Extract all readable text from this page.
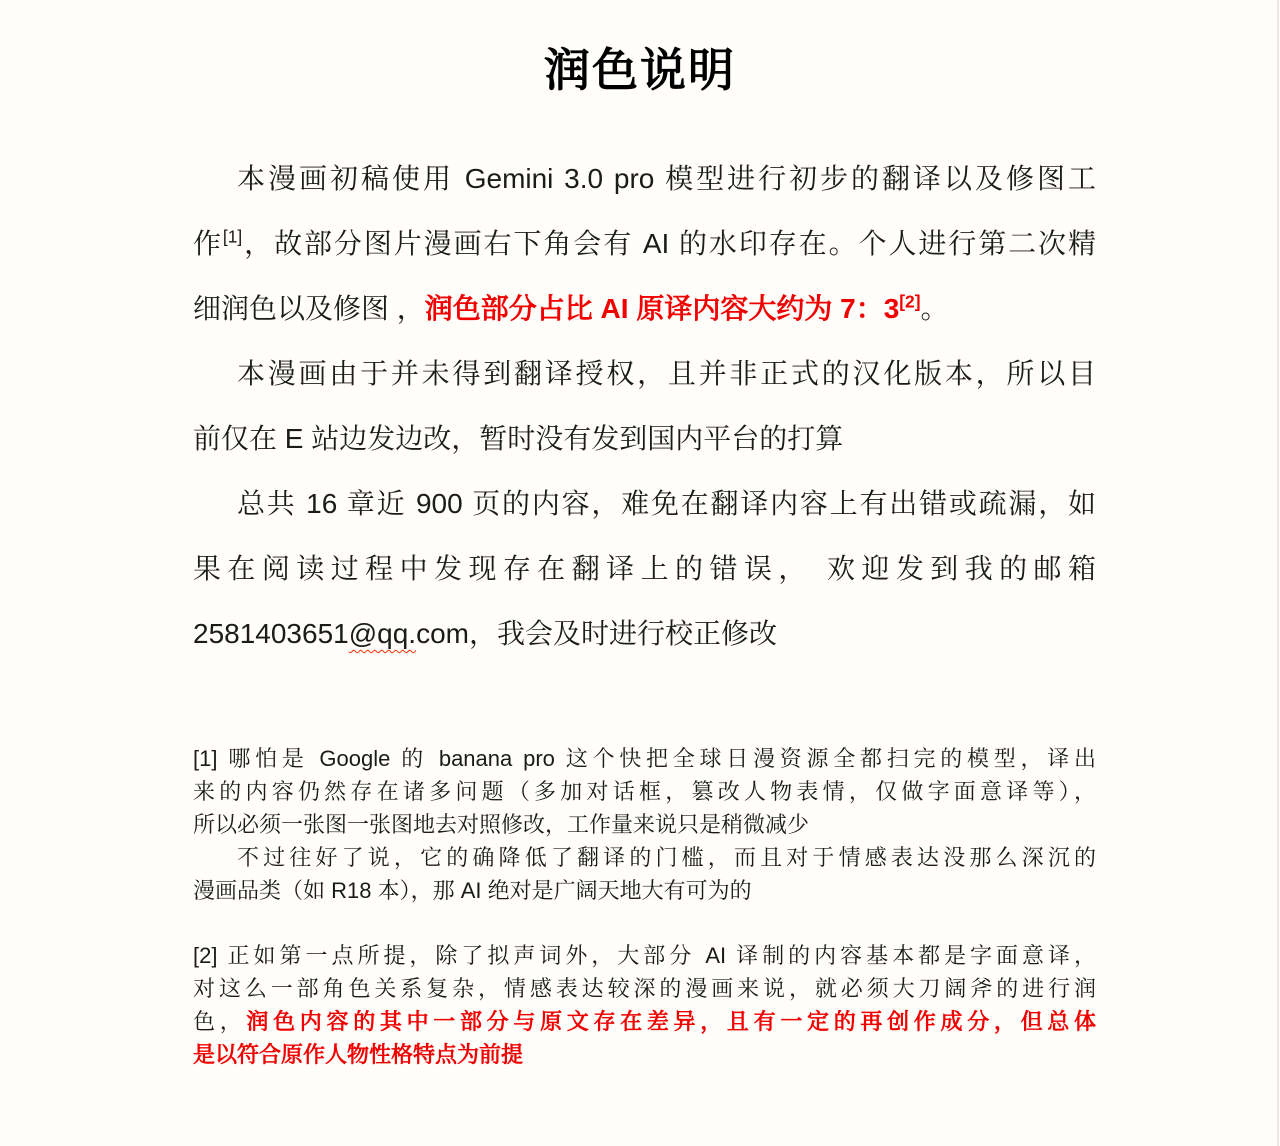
润色说明
本漫画初稿使用 Gemini 3.0 pro 模型进行初步的翻译以及修图工
作[1]，故部分图片漫画右下角会有 AI 的水印存在。个人进行第二次精
细润色以及修图 ，润色部分占比 AI 原译内容大约为 7：3[2]。
本漫画由于并未得到翻译授权，且并非正式的汉化版本，所以目
前仅在 E 站边发边改，暂时没有发到国内平台的打算
总共 16 章近 900 页的内容，难免在翻译内容上有出错或疏漏，如
果在阅读过程中发现存在翻译上的错误， 欢迎发到我的邮箱
2581403651@qq.com，我会及时进行校正修改
[1] 哪怕是 Google 的 banana pro 这个快把全球日漫资源全都扫完的模型，译出
来的内容仍然存在诸多问题（多加对话框，篡改人物表情，仅做字面意译等），
所以必须一张图一张图地去对照修改，工作量来说只是稍微减少
不过往好了说，它的确降低了翻译的门槛，而且对于情感表达没那么深沉的
漫画品类（如 R18 本），那 AI 绝对是广阔天地大有可为的
[2] 正如第一点所提，除了拟声词外，大部分 AI 译制的内容基本都是字面意译，
对这么一部角色关系复杂，情感表达较深的漫画来说，就必须大刀阔斧的进行润
色，润色内容的其中一部分与原文存在差异，且有一定的再创作成分，但总体
是以符合原作人物性格特点为前提
